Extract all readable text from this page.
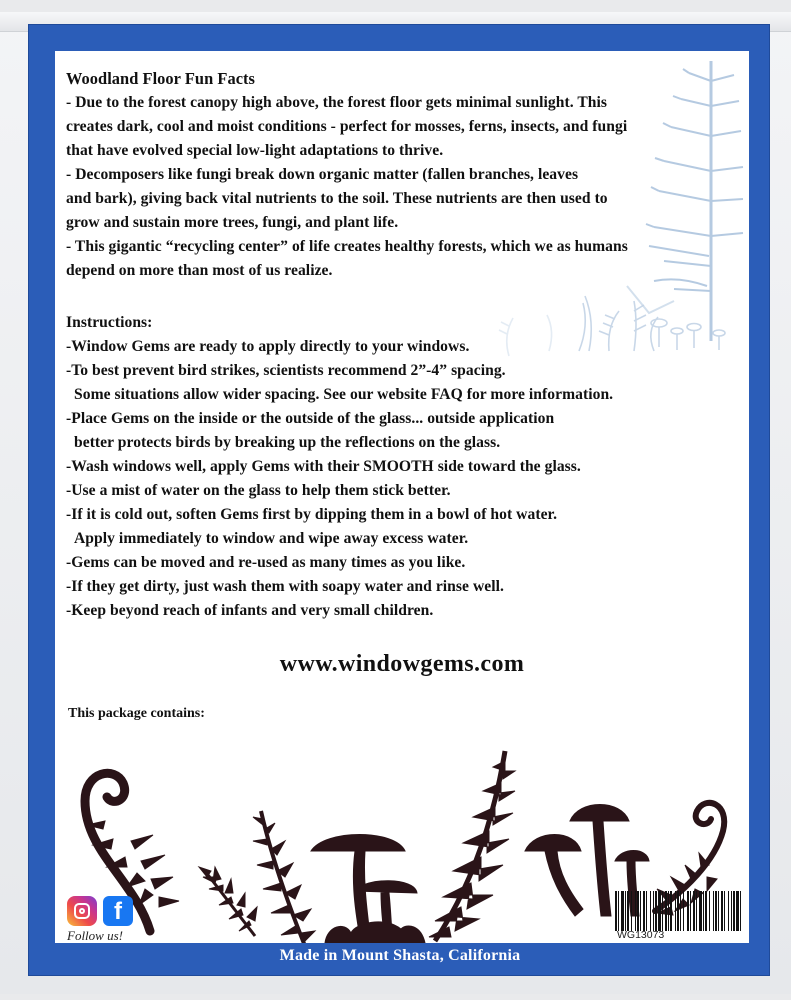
Woodland Floor Fun Facts
- Due to the forest canopy high above, the forest floor gets minimal sunlight. This
creates dark, cool and moist conditions - perfect for mosses, ferns, insects, and fungi
that have evolved special low-light adaptations to thrive.
- Decomposers like fungi break down organic matter (fallen branches, leaves
and bark), giving back vital nutrients to the soil. These nutrients are then used to
grow and sustain more trees, fungi, and plant life.
- This gigantic “recycling center” of life creates healthy forests, which we as humans
depend on more than most of us realize.
Instructions:
-Window Gems are ready to apply directly to your windows.
-To best prevent bird strikes, scientists recommend 2”-4” spacing.
Some situations allow wider spacing. See our website FAQ for more information.
-Place Gems on the inside or the outside of the glass... outside application
better protects birds by breaking up the reflections on the glass.
-Wash windows well, apply Gems with their SMOOTH side toward the glass.
-Use a mist of water on the glass to help them stick better.
-If it is cold out, soften Gems first by dipping them in a bowl of hot water.
Apply immediately to window and wipe away excess water.
-Gems can be moved and re-used as many times as you like.
-If they get dirty, just wash them with soapy water and rinse well.
-Keep beyond reach of infants and very small children.
www.windowgems.com
This package contains:
f
Follow us!	WG13073
Made in Mount Shasta, California
